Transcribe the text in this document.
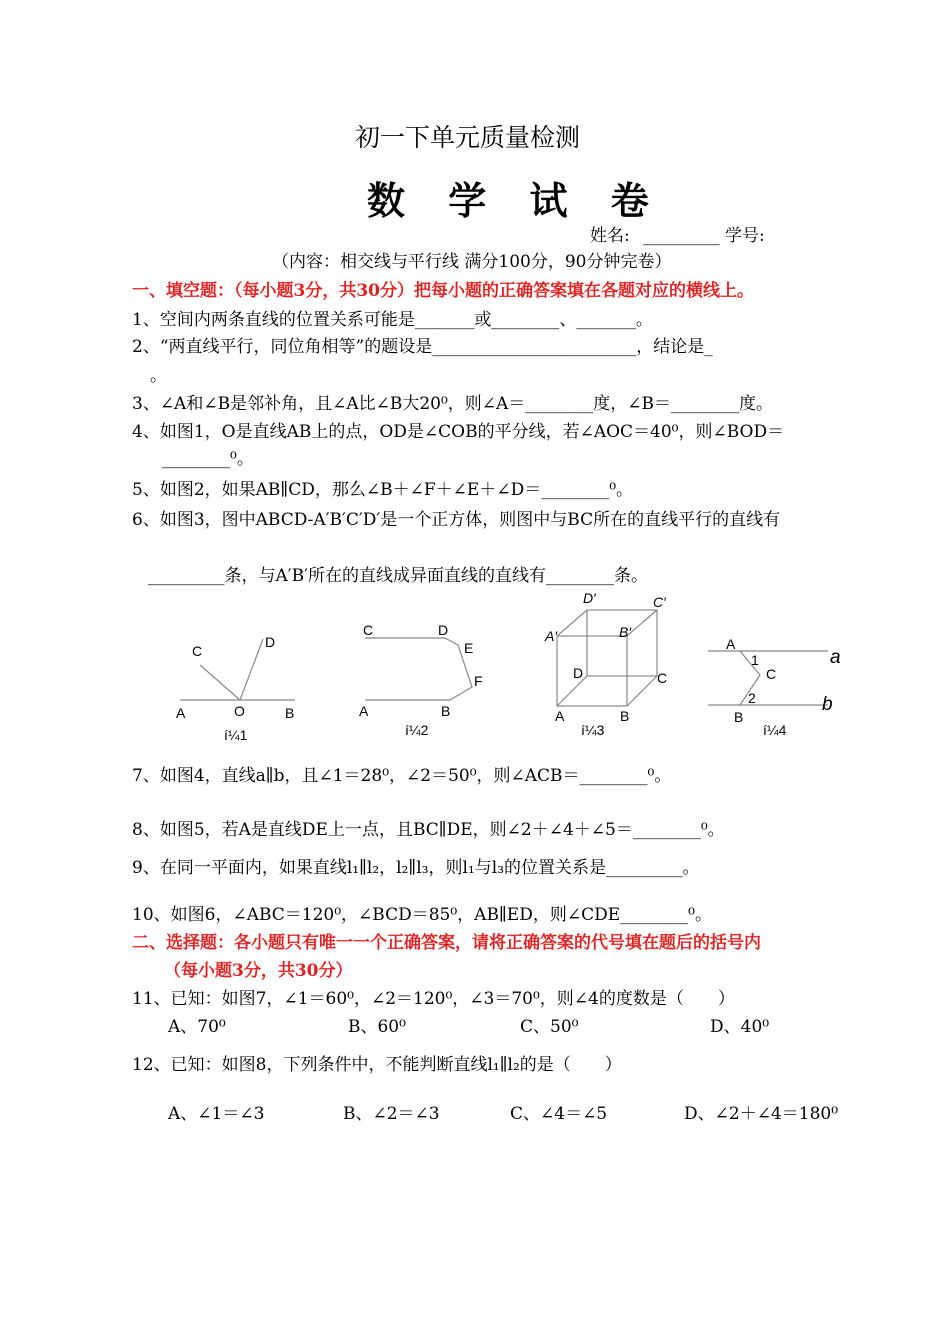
初一下单元质量检测
数 学 试 卷
姓名: _________ 学号:
（内容：相交线与平行线 满分100分，90分钟完卷）
一、填空题：（每小题3分，共30分）把每小题的正确答案填在各题对应的横线上。
1、空间内两条直线的位置关系可能是_______或________、_______。
2、“两直线平行，同位角相等”的题设是________________________，结论是_
。
3、∠A和∠B是邻补角，且∠A比∠B大20⁰，则∠A＝________度，∠B＝________度。
4、如图1，O是直线AB上的点，OD是∠COB的平分线，若∠AOC＝40⁰，则∠BOD＝
________⁰。
5、如图2，如果AB∥CD，那么∠B＋∠F＋∠E＋∠D＝________⁰。
6、如图3，图中ABCD-A′B′C′D′是一个正方体，则图中与BC所在的直线平行的直线有
_________条，与A′B′所在的直线成异面直线的直线有________条。
C
D
A	O	B
í¼1
C	D
E
F
A	B
í¼2
D′	C′
A′	B′
D	C
A	B
í¼3
A
1
C
a
2
B
b
í¼4
7、如图4，直线a∥b，且∠1＝28⁰，∠2＝50⁰，则∠ACB＝________⁰。
8、如图5，若A是直线DE上一点，且BC∥DE，则∠2＋∠4＋∠5＝________⁰。
9、在同一平面内，如果直线l₁∥l₂，l₂∥l₃，则l₁与l₃的位置关系是_________。
10、如图6，∠ABC＝120⁰，∠BCD＝85⁰，AB∥ED，则∠CDE________⁰。
二、选择题：各小题只有唯一一个正确答案，请将正确答案的代号填在题后的括号内
（每小题3分，共30分）
11、已知：如图7，∠1＝60⁰，∠2＝120⁰，∠3＝70⁰，则∠4的度数是（　　）
A、70⁰	B、60⁰	C、50⁰	D、40⁰
12、已知：如图8，下列条件中，不能判断直线l₁∥l₂的是（　　）
A、∠1＝∠3	B、∠2＝∠3	C、∠4＝∠5	D、∠2＋∠4＝180⁰
